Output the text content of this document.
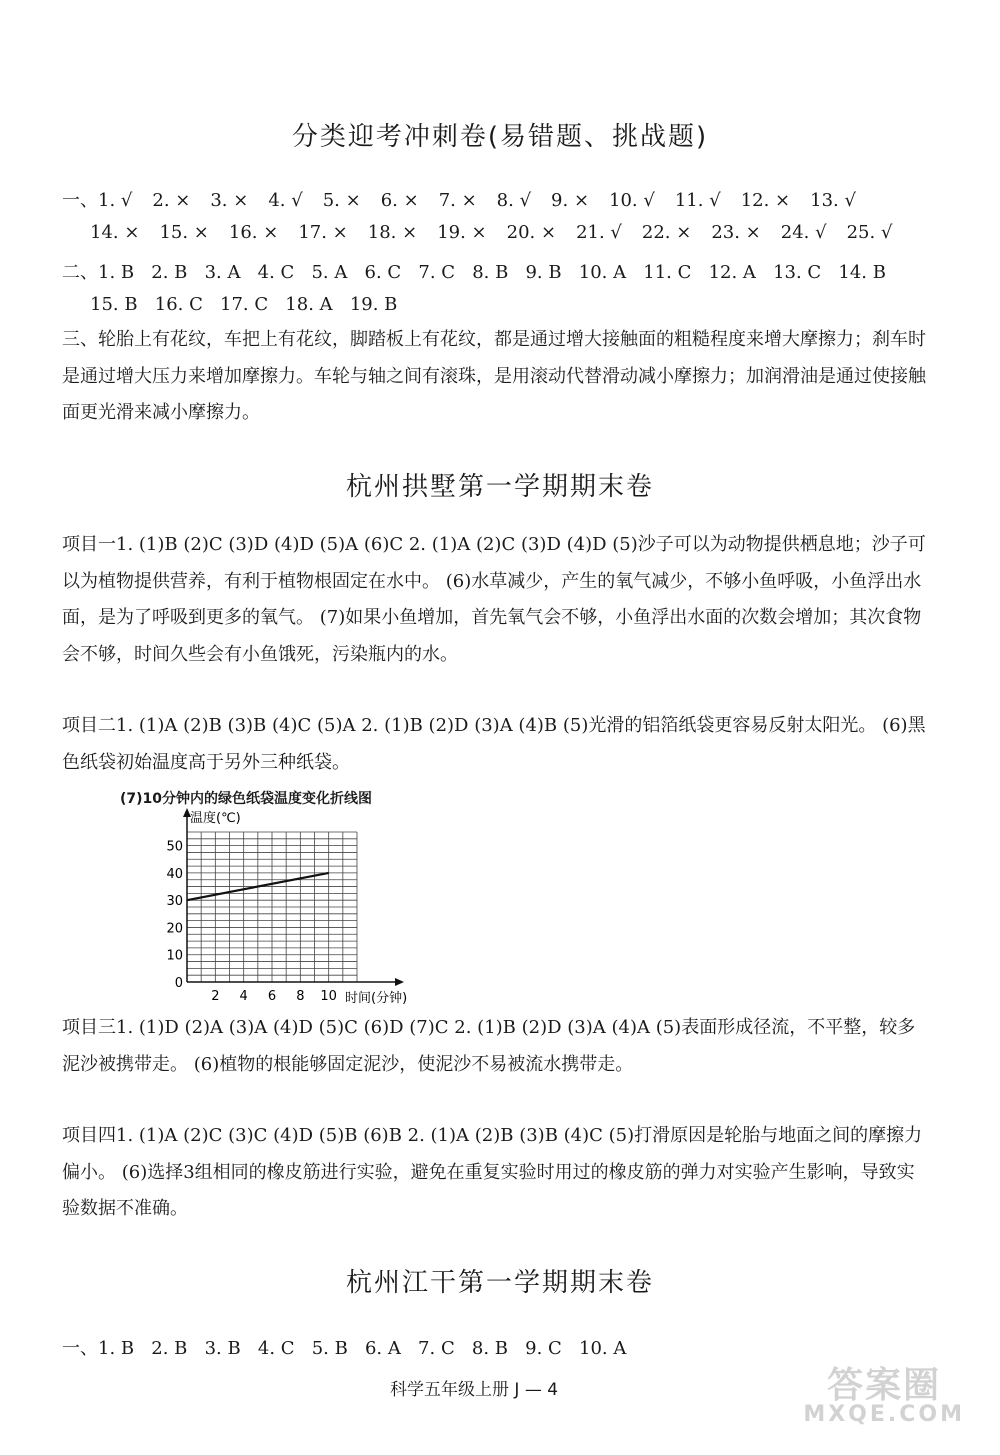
分类迎考冲刺卷(易错题、挑战题)
一、1. √ 2. × 3. × 4. √ 5. × 6. × 7. × 8. √ 9. × 10. √ 11. √ 12. × 13. √
14. × 15. × 16. × 17. × 18. × 19. × 20. × 21. √ 22. × 23. × 24. √ 25. √
二、1. B   2. B   3. A   4. C   5. A   6. C   7. C   8. B   9. B   10. A   11. C   12. A   13. C   14. B
15. B   16. C   17. C   18. A   19. B
三、轮胎上有花纹，车把上有花纹，脚踏板上有花纹，都是通过增大接触面的粗糙程度来增大摩擦力；刹车时是通过增大压力来增加摩擦力。车轮与轴之间有滚珠，是用滚动代替滑动减小摩擦力；加润滑油是通过使接触面更光滑来减小摩擦力。
杭州拱墅第一学期期末卷
项目一1. (1)B (2)C (3)D (4)D (5)A (6)C 2. (1)A (2)C (3)D (4)D (5)沙子可以为动物提供栖息地；沙子可以为植物提供营养，有利于植物根固定在水中。 (6)水草减少，产生的氧气减少，不够小鱼呼吸，小鱼浮出水面，是为了呼吸到更多的氧气。 (7)如果小鱼增加，首先氧气会不够，小鱼浮出水面的次数会增加；其次食物会不够，时间久些会有小鱼饿死，污染瓶内的水。
项目二1. (1)A (2)B (3)B (4)C (5)A 2. (1)B (2)D (3)A (4)B (5)光滑的铝箔纸袋更容易反射太阳光。 (6)黑色纸袋初始温度高于另外三种纸袋。
(7)10分钟内的绿色纸袋温度变化折线图
0
10
20
30
40
50
2 4 6 8 10
温度(℃)
时间(分钟)
项目三1. (1)D (2)A (3)A (4)D (5)C (6)D (7)C 2. (1)B (2)D (3)A (4)A (5)表面形成径流，不平整，较多泥沙被携带走。 (6)植物的根能够固定泥沙，使泥沙不易被流水携带走。
项目四1. (1)A (2)C (3)C (4)D (5)B (6)B 2. (1)A (2)B (3)B (4)C (5)打滑原因是轮胎与地面之间的摩擦力偏小。 (6)选择3组相同的橡皮筋进行实验，避免在重复实验时用过的橡皮筋的弹力对实验产生影响，导致实验数据不准确。
杭州江干第一学期期末卷
一、1. B   2. B   3. B   4. C   5. B   6. A   7. C   8. B   9. C   10. A
科学五年级上册 J — 4	答案圈
MXQE.COM
